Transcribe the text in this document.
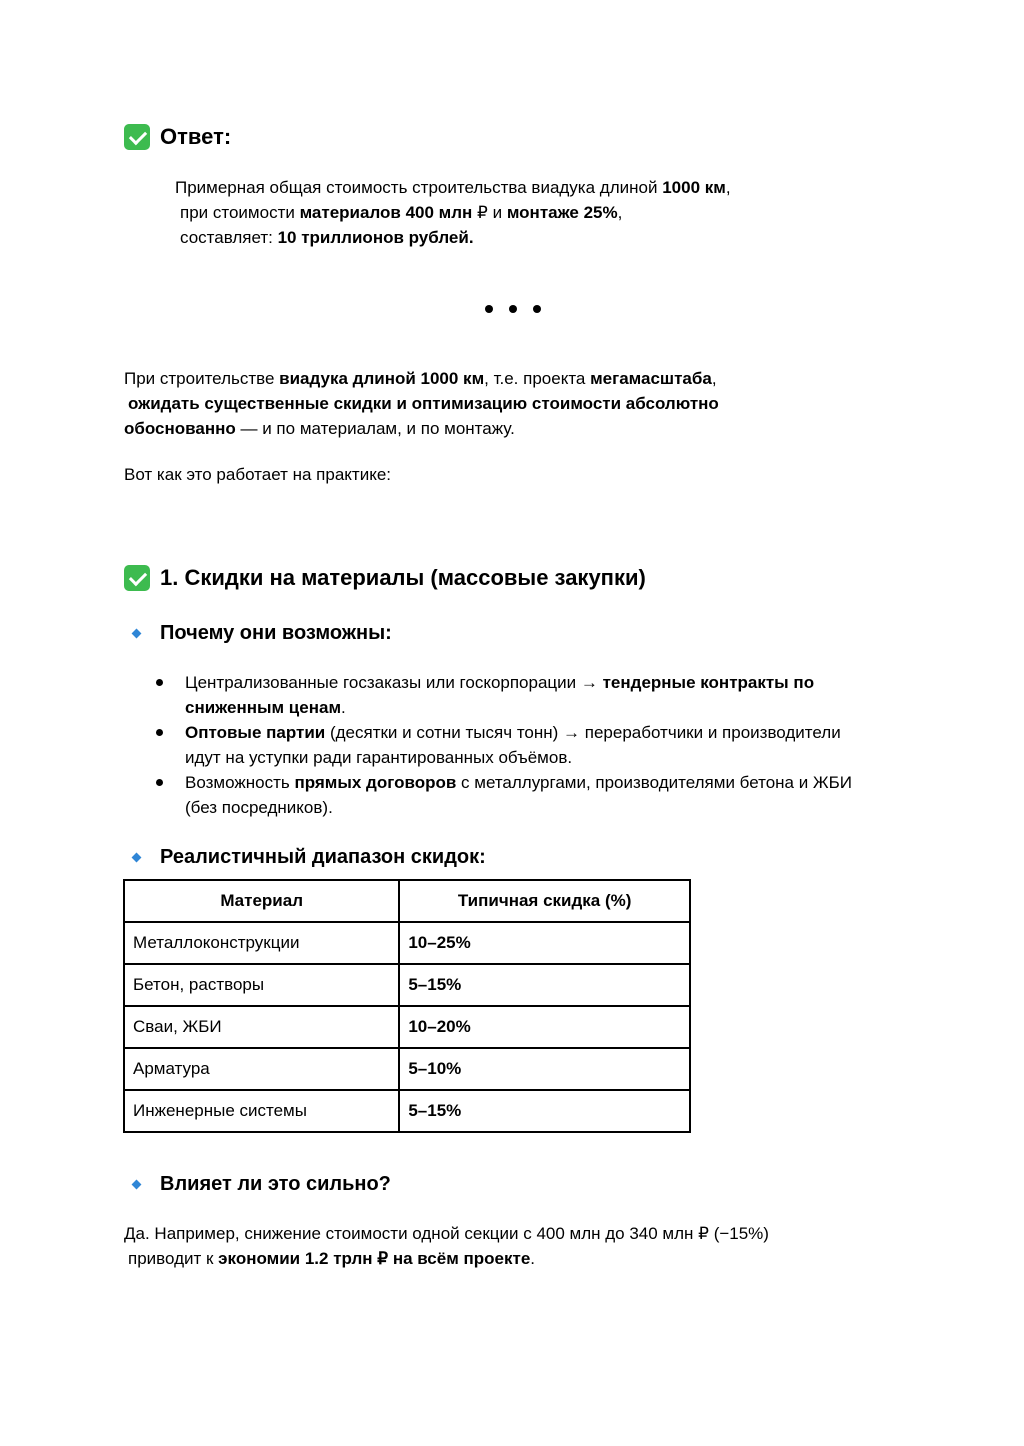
Ответ:
Примерная общая стоимость строительства виадука длиной 1000 км,
при стоимости материалов 400 млн ₽ и монтаже 25%,
составляет: 10 триллионов рублей.
При строительстве виадука длиной 1000 км, т.е. проекта мегамасштаба,
ожидать существенные скидки и оптимизацию стоимости абсолютно
обоснованно — и по материалам, и по монтажу.
Вот как это работает на практике:
1. Скидки на материалы (массовые закупки)
Почему они возможны:
Централизованные госзаказы или госкорпорации → тендерные контракты по сниженным ценам.
Оптовые партии (десятки и сотни тысяч тонн) → переработчики и производители идут на уступки ради гарантированных объёмов.
Возможность прямых договоров с металлургами, производителями бетона и ЖБИ (без посредников).
Реалистичный диапазон скидок:
Материал	Типичная скидка (%)
Металлоконструкции	10–25%
Бетон, растворы	5–15%
Сваи, ЖБИ	10–20%
Арматура	5–10%
Инженерные системы	5–15%
Влияет ли это сильно?
Да. Например, снижение стоимости одной секции с 400 млн до 340 млн ₽ (−15%)
приводит к экономии 1.2 трлн ₽ на всём проекте.
